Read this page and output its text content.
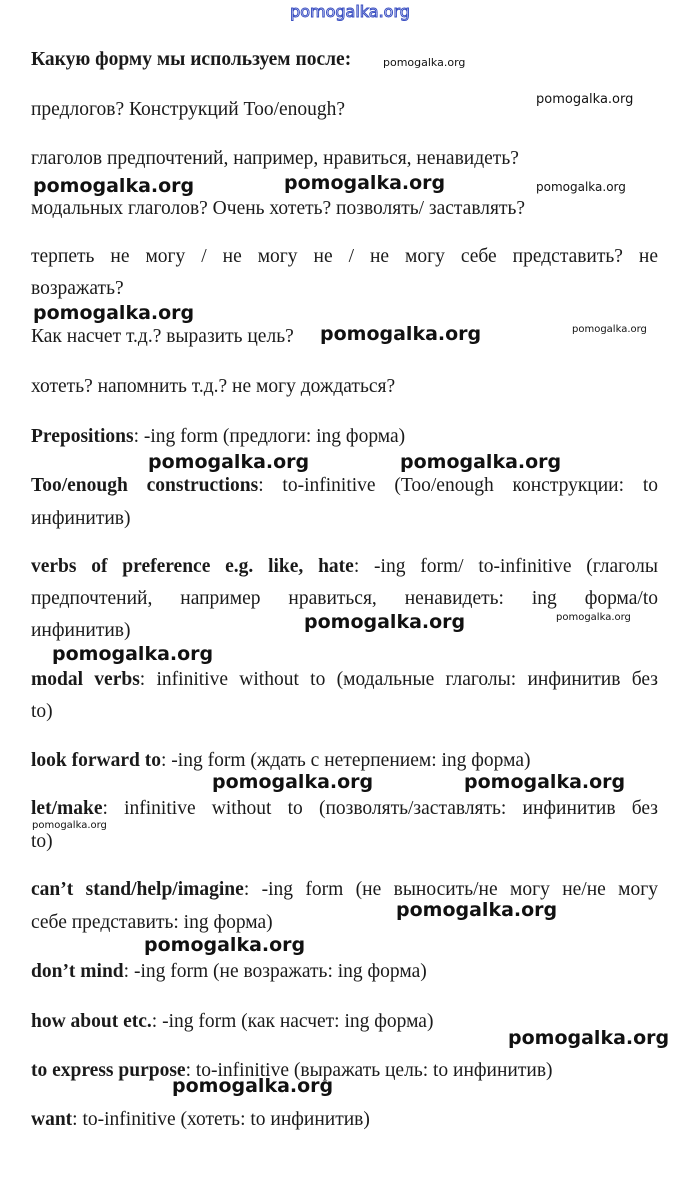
pomogalka.org
Какую форму мы используем после:
предлогов? Конструкций Too/enough?
глаголов предпочтений, например, нравиться, ненавидеть?
модальных глаголов? Очень хотеть? позволять/ заставлять?
терпеть не могу / не могу не / не могу себе представить? не
возражать?
Как насчет т.д.? выразить цель?
хотеть? напомнить т.д.? не могу дождаться?
Prepositions: -ing form (предлоги: ing форма)
Too/enough constructions: to-infinitive (Too/enough конструкции: to
инфинитив)
verbs of preference e.g. like, hate: -ing form/ to-infinitive (глаголы
предпочтений, например нравиться, ненавидеть: ing форма/to
инфинитив)
modal verbs: infinitive without to (модальные глаголы: инфинитив без
to)
look forward to: -ing form (ждать с нетерпением: ing форма)
let/make: infinitive without to (позволять/заставлять: инфинитив без
to)
can’t stand/help/imagine: -ing form (не выносить/не могу не/не могу
себе представить: ing форма)
don’t mind: -ing form (не возражать: ing форма)
how about etc.: -ing form (как насчет: ing форма)
to express purpose: to-infinitive (выражать цель: to инфинитив)
want: to-infinitive (хотеть: to инфинитив)
pomogalka.org
pomogalka.org
pomogalka.org	pomogalka.org	pomogalka.org
pomogalka.org
pomogalka.org	pomogalka.org
pomogalka.org	pomogalka.org
pomogalka.org	pomogalka.org
pomogalka.org
pomogalka.org	pomogalka.org
pomogalka.org
pomogalka.org
pomogalka.org
pomogalka.org
pomogalka.org
